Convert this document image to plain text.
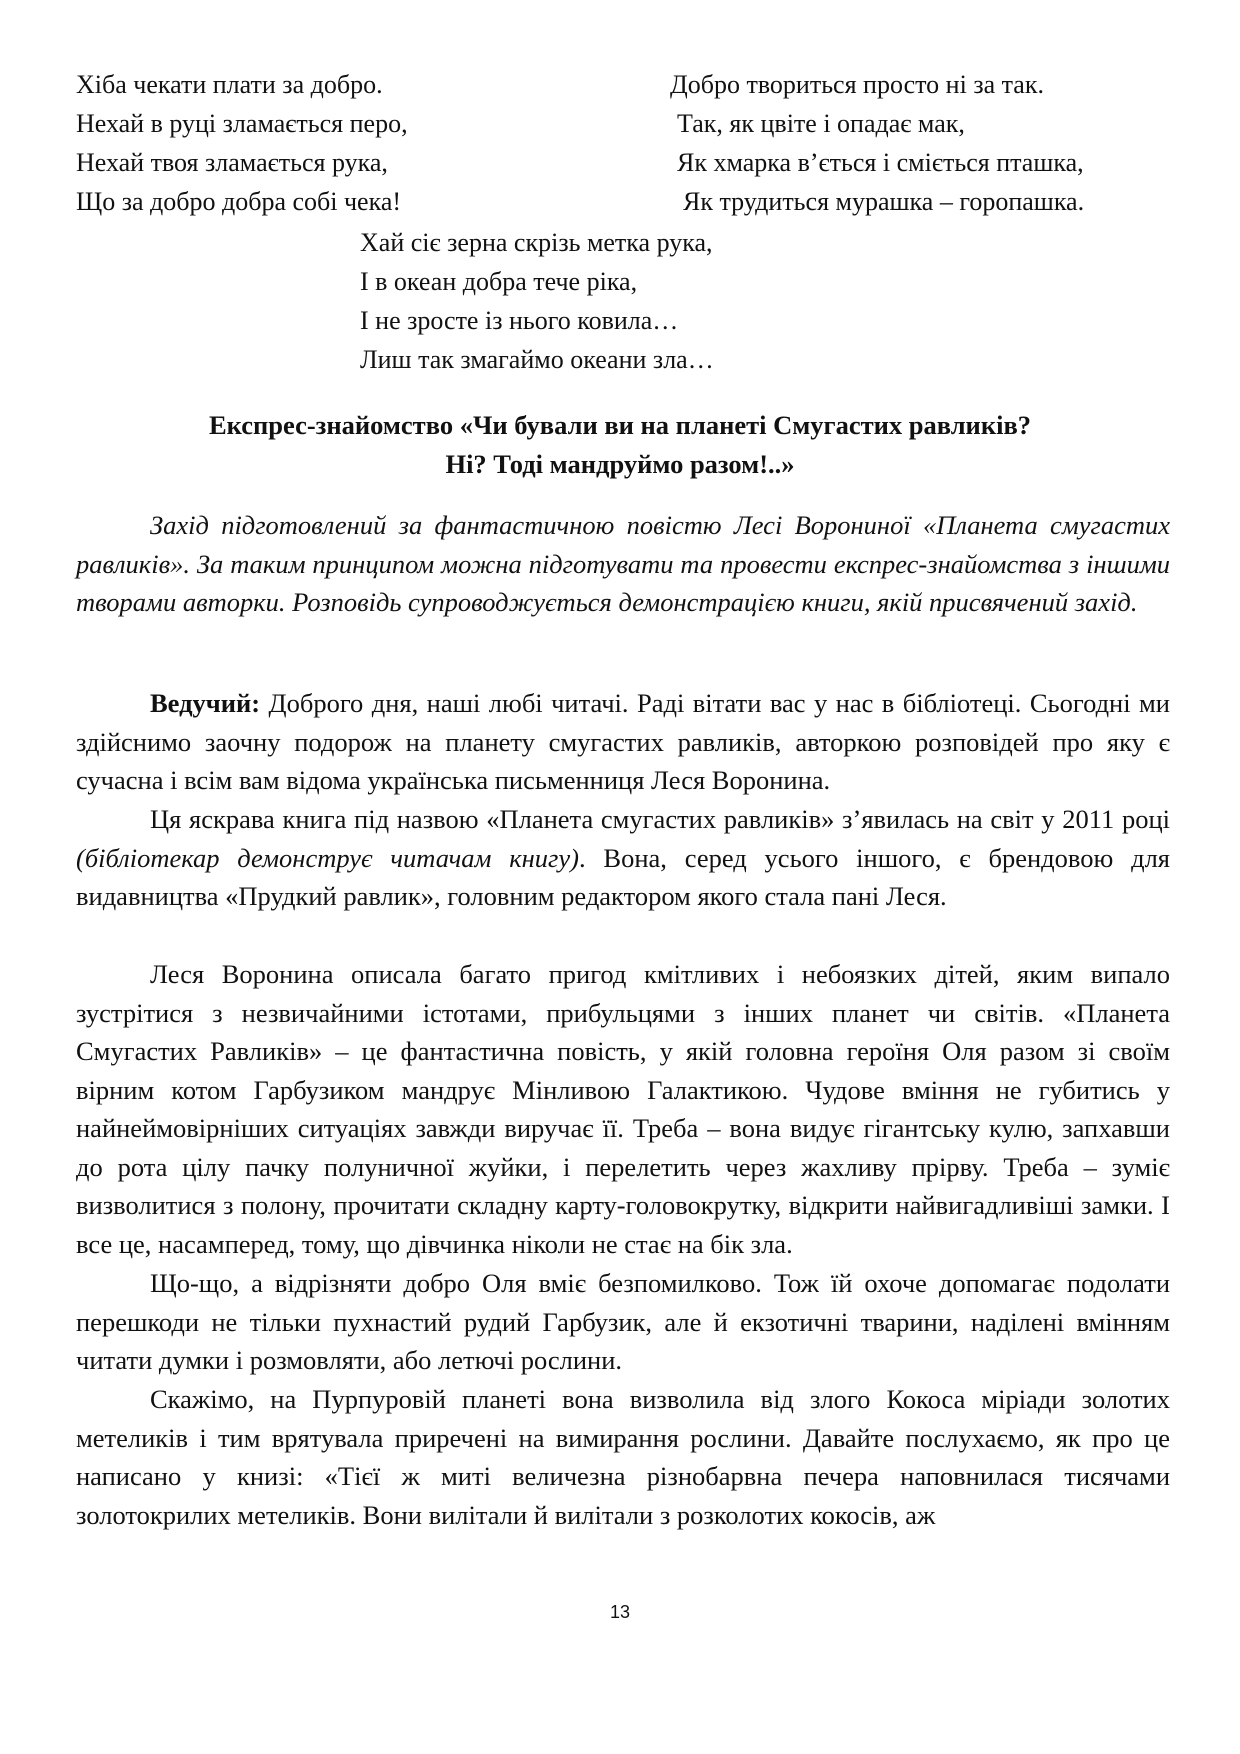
Хіба чекати плати за добро.
Нехай в руці зламається перо,
Нехай твоя зламається рука,
Що за добро добра собі чека!
Добро твориться просто ні за так.
Так, як цвіте і опадає мак,
Як хмарка в’ється і сміється пташка,
Як трудиться мурашка – горопашка.
Хай сіє зерна скрізь метка рука,
І в океан добра тече ріка,
І не зросте із нього ковила…
Лиш так змагаймо океани зла…
Експрес-знайомство «Чи бували ви на планеті Смугастих равликів?
Ні? Тоді мандруймо разом!..»

Захід підготовлений за фантастичною повістю Лесі Ворониної «Планета смугастих равликів». За таким принципом можна підготувати та провести експрес-знайомства з іншими творами авторки. Розповідь супроводжується демонстрацією книги, якій присвячений захід.

Ведучий: Доброго дня, наші любі читачі. Раді вітати вас у нас в бібліотеці. Сьогодні ми здійснимо заочну подорож на планету смугастих равликів, авторкою розповідей про яку є сучасна і всім вам відома українська письменниця Леся Воронина.

Ця яскрава книга під назвою «Планета смугастих равликів» з’явилась на світ у 2011 році (бібліотекар демонструє читачам книгу). Вона, серед усього іншого, є брендовою для видавництва «Прудкий равлик», головним редактором якого стала пані Леся.

Леся Воронина описала багато пригод кмітливих і небоязких дітей, яким випало зустрітися з незвичайними істотами, прибульцями з інших планет чи світів. «Планета Смугастих Равликів» – це фантастична повість, у якій головна героїня Оля разом зі своїм вірним котом Гарбузиком мандрує Мінливою Галактикою. Чудове вміння не губитись у найнеймовірніших ситуаціях завжди виручає її. Треба – вона видує гігантську кулю, запхавши до рота цілу пачку полуничної жуйки, і перелетить через жахливу прірву. Треба – зуміє визволитися з полону, прочитати складну карту-головокрутку, відкрити найвигадливіші замки. І все це, насамперед, тому, що дівчинка ніколи не стає на бік зла.

Що-що, а відрізняти добро Оля вміє безпомилково. Тож їй охоче допомагає подолати перешкоди не тільки пухнастий рудий Гарбузик, але й екзотичні тварини, наділені вмінням читати думки і розмовляти, або летючі рослини.

Скажімо, на Пурпуровій планеті вона визволила від злого Кокоса міріади золотих метеликів і тим врятувала приречені на вимирання рослини. Давайте послухаємо, як про це написано у книзі: «Тієї ж миті величезна різнобарвна печера наповнилася тисячами золотокрилих метеликів. Вони вилітали й вилітали з розколотих кокосів, аж

13
